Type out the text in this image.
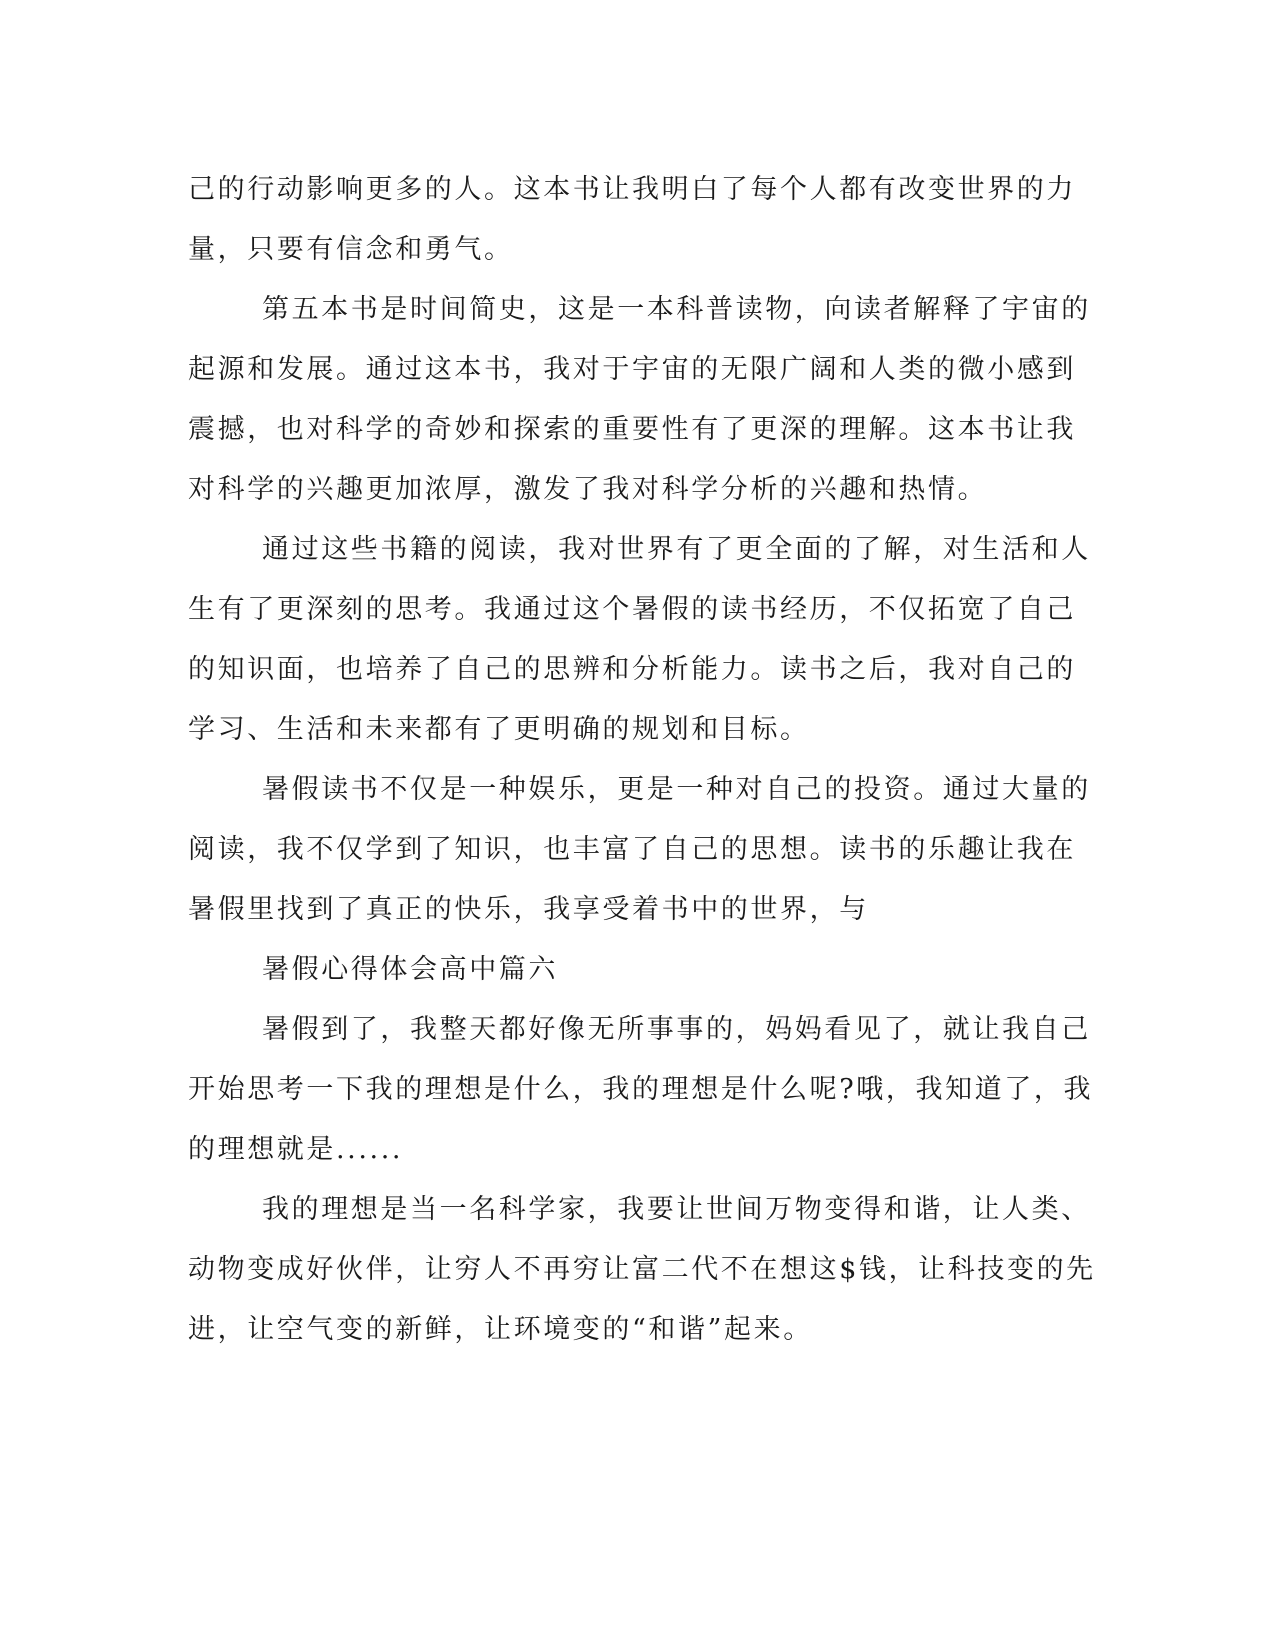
己的行动影响更多的人。这本书让我明白了每个人都有改变世界的力
量，只要有信念和勇气。
第五本书是时间简史，这是一本科普读物，向读者解释了宇宙的
起源和发展。通过这本书，我对于宇宙的无限广阔和人类的微小感到
震撼，也对科学的奇妙和探索的重要性有了更深的理解。这本书让我
对科学的兴趣更加浓厚，激发了我对科学分析的兴趣和热情。
通过这些书籍的阅读，我对世界有了更全面的了解，对生活和人
生有了更深刻的思考。我通过这个暑假的读书经历，不仅拓宽了自己
的知识面，也培养了自己的思辨和分析能力。读书之后，我对自己的
学习、生活和未来都有了更明确的规划和目标。
暑假读书不仅是一种娱乐，更是一种对自己的投资。通过大量的
阅读，我不仅学到了知识，也丰富了自己的思想。读书的乐趣让我在
暑假里找到了真正的快乐，我享受着书中的世界，与
暑假心得体会高中篇六
暑假到了，我整天都好像无所事事的，妈妈看见了，就让我自己
开始思考一下我的理想是什么，我的理想是什么呢?哦，我知道了，我
的理想就是......
我的理想是当一名科学家，我要让世间万物变得和谐，让人类、
动物变成好伙伴，让穷人不再穷让富二代不在想这$钱，让科技变的先
进，让空气变的新鲜，让环境变的“和谐”起来。
